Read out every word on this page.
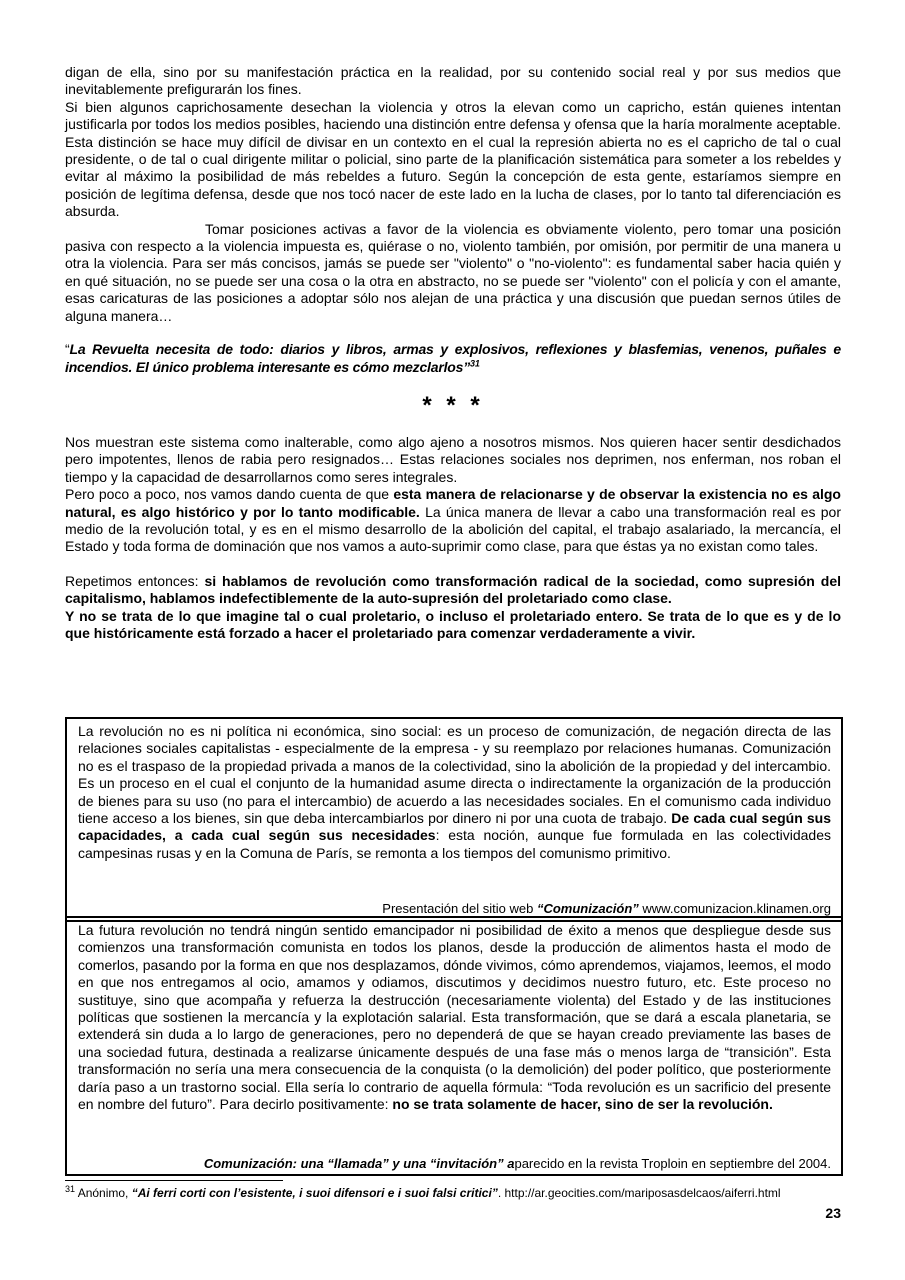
digan de ella, sino por su manifestación práctica en la realidad, por su contenido social real y por sus medios que inevitablemente prefigurarán los fines.

Si bien algunos caprichosamente desechan la violencia y otros la elevan como un capricho, están quienes intentan justificarla por todos los medios posibles, haciendo una distinción entre defensa y ofensa que la haría moralmente aceptable. Esta distinción se hace muy difícil de divisar en un contexto en el cual la represión abierta no es el capricho de tal o cual presidente, o de tal o cual dirigente militar o policial, sino parte de la planificación sistemática para someter a los rebeldes y evitar al máximo la posibilidad de más rebeldes a futuro. Según la concepción de esta gente, estaríamos siempre en posición de legítima defensa, desde que nos tocó nacer de este lado en la lucha de clases, por lo tanto tal diferenciación es absurda.

Tomar posiciones activas a favor de la violencia es obviamente violento, pero tomar una posición pasiva con respecto a la violencia impuesta es, quiérase o no, violento también, por omisión, por permitir de una manera u otra la violencia. Para ser más concisos, jamás se puede ser "violento" o "no-violento": es fundamental saber hacia quién y en qué situación, no se puede ser una cosa o la otra en abstracto, no se puede ser "violento" con el policía y con el amante, esas caricaturas de las posiciones a adoptar sólo nos alejan de una práctica y una discusión que puedan sernos útiles de alguna manera…

“La Revuelta necesita de todo: diarios y libros, armas y explosivos, reflexiones y blasfemias, venenos, puñales e incendios. El único problema interesante es cómo mezclarlos”$^{31}$

* * *

Nos muestran este sistema como inalterable, como algo ajeno a nosotros mismos. Nos quieren hacer sentir desdichados pero impotentes, llenos de rabia pero resignados… Estas relaciones sociales nos deprimen, nos enferman, nos roban el tiempo y la capacidad de desarrollarnos como seres integrales.

Pero poco a poco, nos vamos dando cuenta de que esta manera de relacionarse y de observar la existencia no es algo natural, es algo histórico y por lo tanto modificable. La única manera de llevar a cabo una transformación real es por medio de la revolución total, y es en el mismo desarrollo de la abolición del capital, el trabajo asalariado, la mercancía, el Estado y toda forma de dominación que nos vamos a auto-suprimir como clase, para que éstas ya no existan como tales.

Repetimos entonces: si hablamos de revolución como transformación radical de la sociedad, como supresión del capitalismo, hablamos indefectiblemente de la auto-supresión del proletariado como clase.

Y no se trata de lo que imagine tal o cual proletario, o incluso el proletariado entero. Se trata de lo que es y de lo que históricamente está forzado a hacer el proletariado para comenzar verdaderamente a vivir.

La revolución no es ni política ni económica, sino social: es un proceso de comunización, de negación directa de las relaciones sociales capitalistas - especialmente de la empresa - y su reemplazo por relaciones humanas. Comunización no es el traspaso de la propiedad privada a manos de la colectividad, sino la abolición de la propiedad y del intercambio. Es un proceso en el cual el conjunto de la humanidad asume directa o indirectamente la organización de la producción de bienes para su uso (no para el intercambio) de acuerdo a las necesidades sociales. En el comunismo cada individuo tiene acceso a los bienes, sin que deba intercambiarlos por dinero ni por una cuota de trabajo. De cada cual según sus capacidades, a cada cual según sus necesidades: esta noción, aunque fue formulada en las colectividades campesinas rusas y en la Comuna de París, se remonta a los tiempos del comunismo primitivo.

Presentación del sitio web “Comunización” www.comunizacion.klinamen.org

La futura revolución no tendrá ningún sentido emancipador ni posibilidad de éxito a menos que despliegue desde sus comienzos una transformación comunista en todos los planos, desde la producción de alimentos hasta el modo de comerlos, pasando por la forma en que nos desplazamos, dónde vivimos, cómo aprendemos, viajamos, leemos, el modo en que nos entregamos al ocio, amamos y odiamos, discutimos y decidimos nuestro futuro, etc. Este proceso no sustituye, sino que acompaña y refuerza la destrucción (necesariamente violenta) del Estado y de las instituciones políticas que sostienen la mercancía y la explotación salarial. Esta transformación, que se dará a escala planetaria, se extenderá sin duda a lo largo de generaciones, pero no dependerá de que se hayan creado previamente las bases de una sociedad futura, destinada a realizarse únicamente después de una fase más o menos larga de “transición”. Esta transformación no sería una mera consecuencia de la conquista (o la demolición) del poder político, que posteriormente daría paso a un trastorno social. Ella sería lo contrario de aquella fórmula: “Toda revolución es un sacrificio del presente en nombre del futuro”. Para decirlo positivamente: no se trata solamente de hacer, sino de ser la revolución.

Comunización: una “llamada” y una “invitación” aparecido en la revista Troploin en septiembre del 2004.
$^{31}$ Anónimo, “Ai ferri corti con l’esistente, i suoi difensori e i suoi falsi critici”. http://ar.geocities.com/mariposasdelcaos/aiferri.html
23
